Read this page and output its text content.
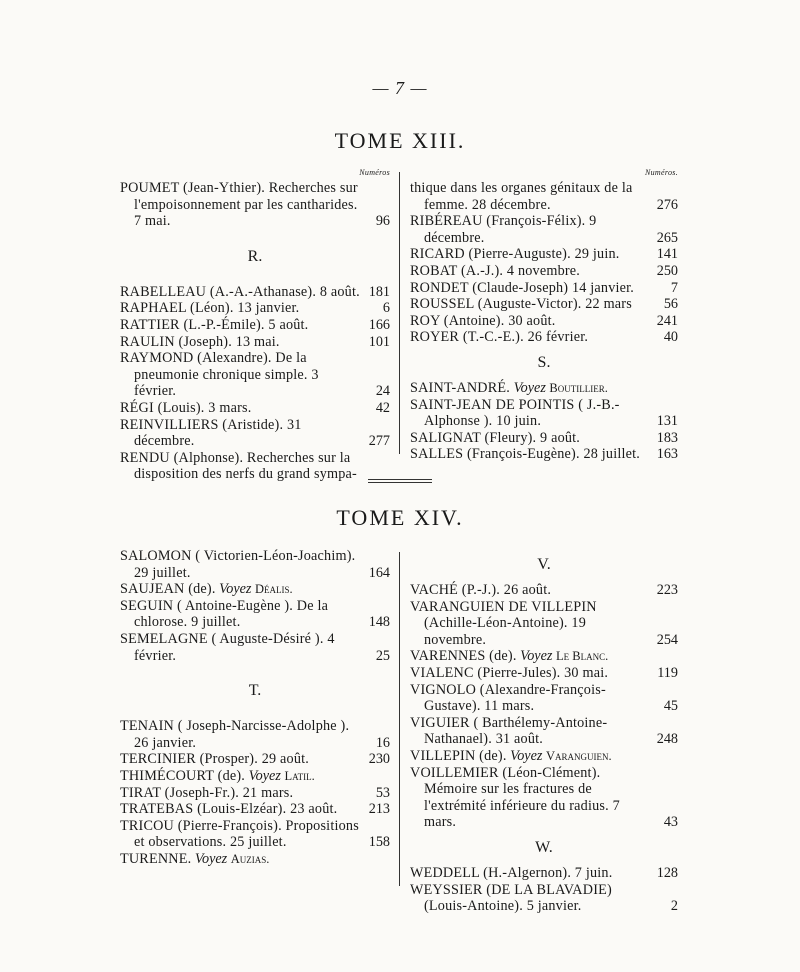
— 7 —
TOME XIII.
Numéros
POUMET (Jean-Ythier). Recherches sur l'empoisonnement par les cantharides. 7 mai.	96
R.
RABELLEAU (A.-A.-Athanase). 8 août. 181
RAPHAEL (Léon). 13 janvier.	6
RATTIER (L.-P.-Émile). 5 août.	166
RAULIN (Joseph). 13 mai.	101
RAYMOND (Alexandre). De la pneumonie chronique simple. 3 février.	24
RÉGI (Louis). 3 mars.	42
REINVILLIERS (Aristide). 31 décembre.	277
RENDU (Alphonse). Recherches sur la disposition des nerfs du grand sympa-
Numéros.
thique dans les organes génitaux de la femme. 28 décembre.	276
RIBÉREAU (François-Félix). 9 décembre.	265
RICARD (Pierre-Auguste). 29 juin.	141
ROBAT (A.-J.). 4 novembre.	250
RONDET (Claude-Joseph) 14 janvier.	7
ROUSSEL (Auguste-Victor). 22 mars 56
ROY (Antoine). 30 août.	241
ROYER (T.-C.-E.). 26 février.	40
S.
SAINT-ANDRÉ. Voyez Boutillier.
SAINT-JEAN DE POINTIS ( J.-B.-Alphonse ). 10 juin.	131
SALIGNAT (Fleury). 9 août.	183
SALLES (François-Eugène). 28 juillet. 163
TOME XIV.
SALOMON ( Victorien-Léon-Joachim). 29 juillet.	164
SAUJEAN (de). Voyez Déalis.
SEGUIN ( Antoine-Eugène ). De la chlorose. 9 juillet.	148
SEMELAGNE ( Auguste-Désiré ). 4 février.	25
T.
TENAIN ( Joseph-Narcisse-Adolphe ). 26 janvier.	16
TERCINIER (Prosper). 29 août.	230
THIMÉCOURT (de). Voyez Latil.
TIRAT (Joseph-Fr.). 21 mars.	53
TRATEBAS (Louis-Elzéar). 23 août. 213
TRICOU (Pierre-François). Propositions et observations. 25 juillet.	158
TURENNE. Voyez Auzias.
V.
VACHÉ (P.-J.). 26 août.	223
VARANGUIEN DE VILLEPIN (Achille-Léon-Antoine). 19 novembre.	254
VARENNES (de). Voyez Le Blanc.
VIALENC (Pierre-Jules). 30 mai.	119
VIGNOLO (Alexandre-François-Gustave). 11 mars.	45
VIGUIER ( Barthélemy-Antoine-Nathanael). 31 août.	248
VILLEPIN (de). Voyez Varanguien.
VOILLEMIER (Léon-Clément). Mémoire sur les fractures de l'extrémité inférieure du radius. 7 mars.	43
W.
WEDDELL (H.-Algernon). 7 juin.	128
WEYSSIER (DE LA BLAVADIE) (Louis-Antoine). 5 janvier.	2
